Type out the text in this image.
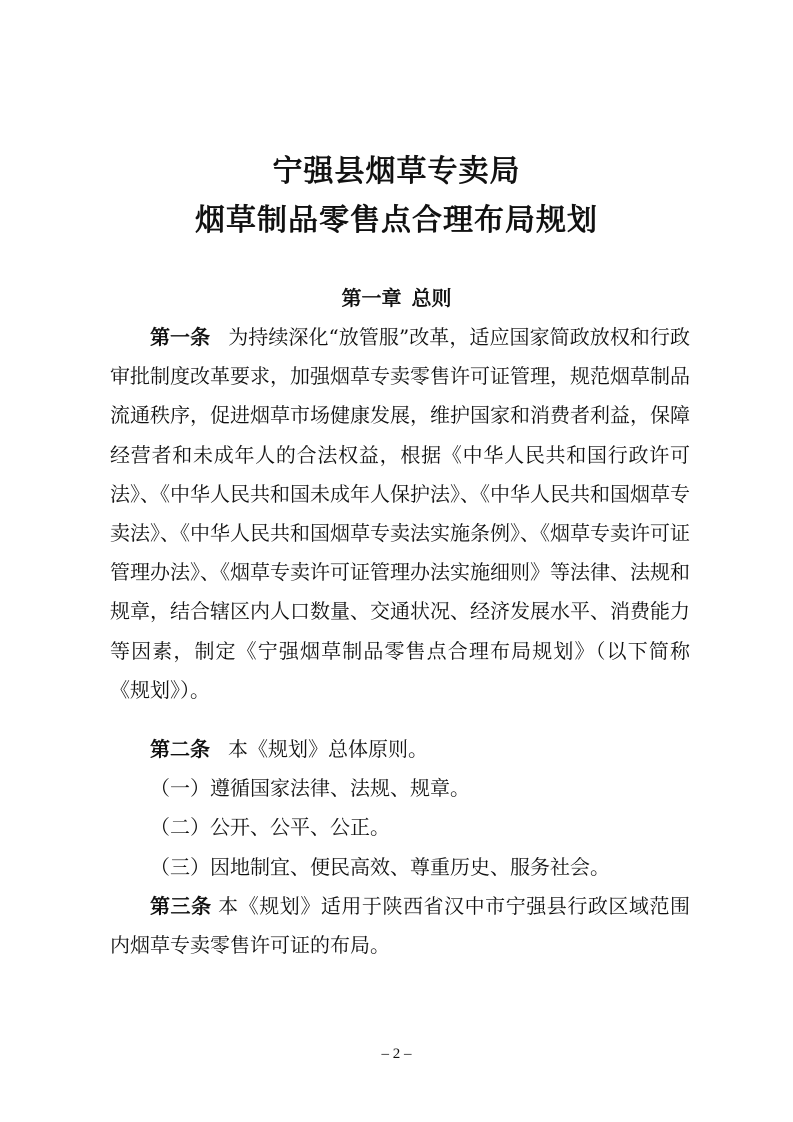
宁强县烟草专卖局
烟草制品零售点合理布局规划
第一章 总则

第一条 为持续深化“放管服”改革，适应国家简政放权和行政审批制度改革要求，加强烟草专卖零售许可证管理，规范烟草制品流通秩序，促进烟草市场健康发展，维护国家和消费者利益，保障经营者和未成年人的合法权益，根据《中华人民共和国行政许可法》、《中华人民共和国未成年人保护法》、《中华人民共和国烟草专卖法》、《中华人民共和国烟草专卖法实施条例》、《烟草专卖许可证管理办法》、《烟草专卖许可证管理办法实施细则》等法律、法规和规章，结合辖区内人口数量、交通状况、经济发展水平、消费能力等因素，制定《宁强烟草制品零售点合理布局规划》（以下简称《规划》）。

第二条 本《规划》总体原则。

（一）遵循国家法律、法规、规章。

（二）公开、公平、公正。

（三）因地制宜、便民高效、尊重历史、服务社会。

第三条 本《规划》适用于陕西省汉中市宁强县行政区域范围内烟草专卖零售许可证的布局。

– 2 –
